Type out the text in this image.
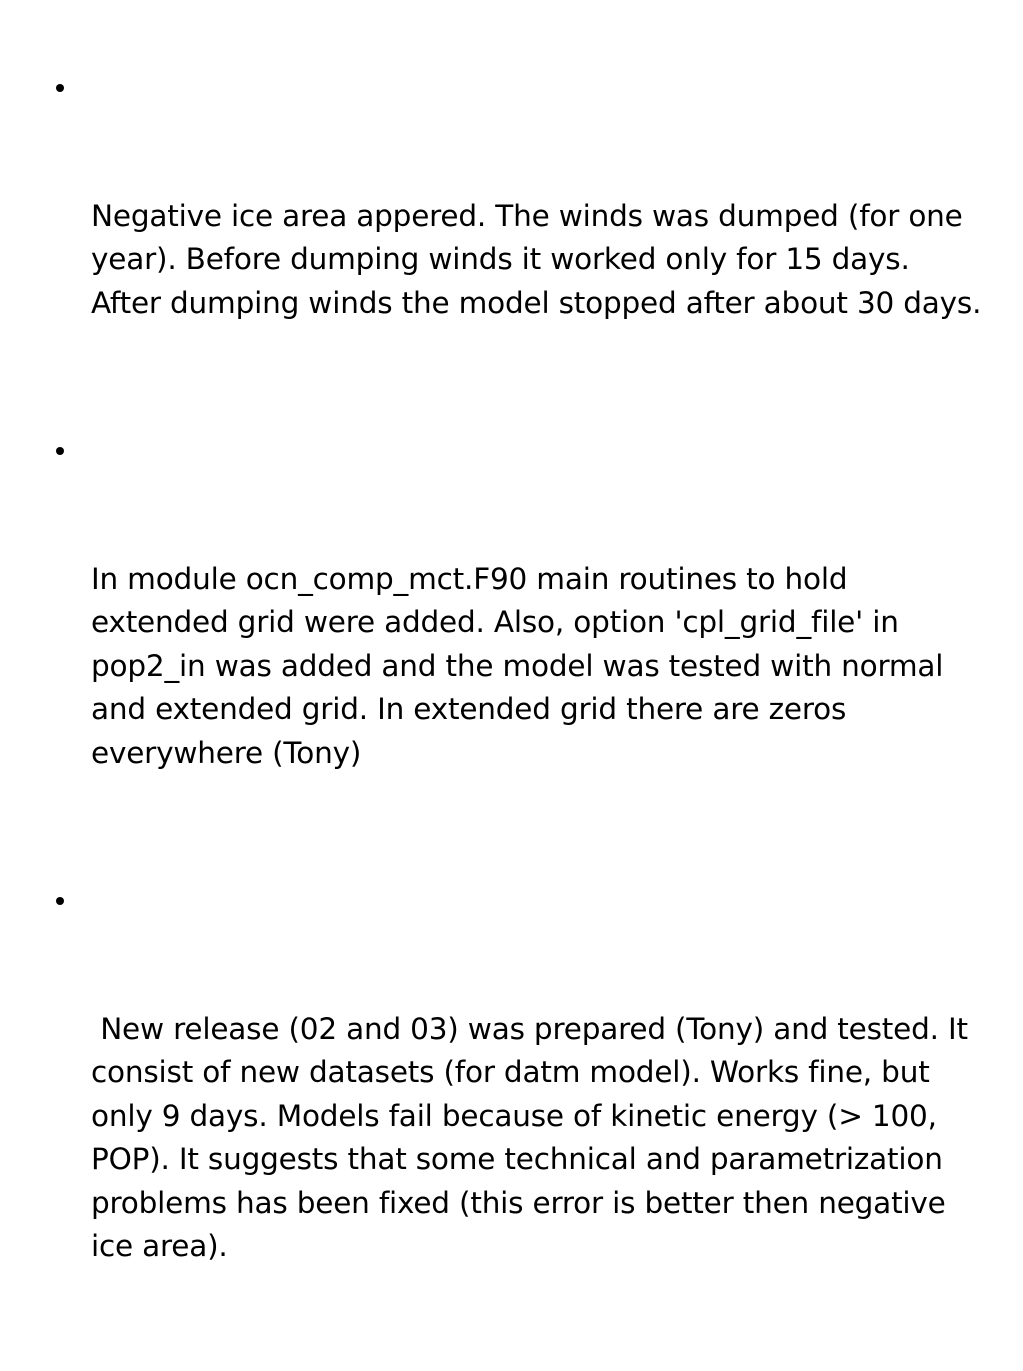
Negative ice area appered. The winds was dumped (for one year). Before dumping winds it worked only for 15 days. After dumping winds the model stopped after about 30 days.

In module ocn_comp_mct.F90 main routines to hold extended grid were added. Also, option 'cpl_grid_file' in pop2_in was added and the model was tested with normal and extended grid. In extended grid there are zeros everywhere (Tony)

New release (02 and 03) was prepared (Tony) and tested. It consist of new datasets (for datm model). Works fine, but only 9 days. Models fail because of kinetic energy (> 100, POP). It suggests that some technical and parametrization problems has been fixed (this error is better then negative ice area).
